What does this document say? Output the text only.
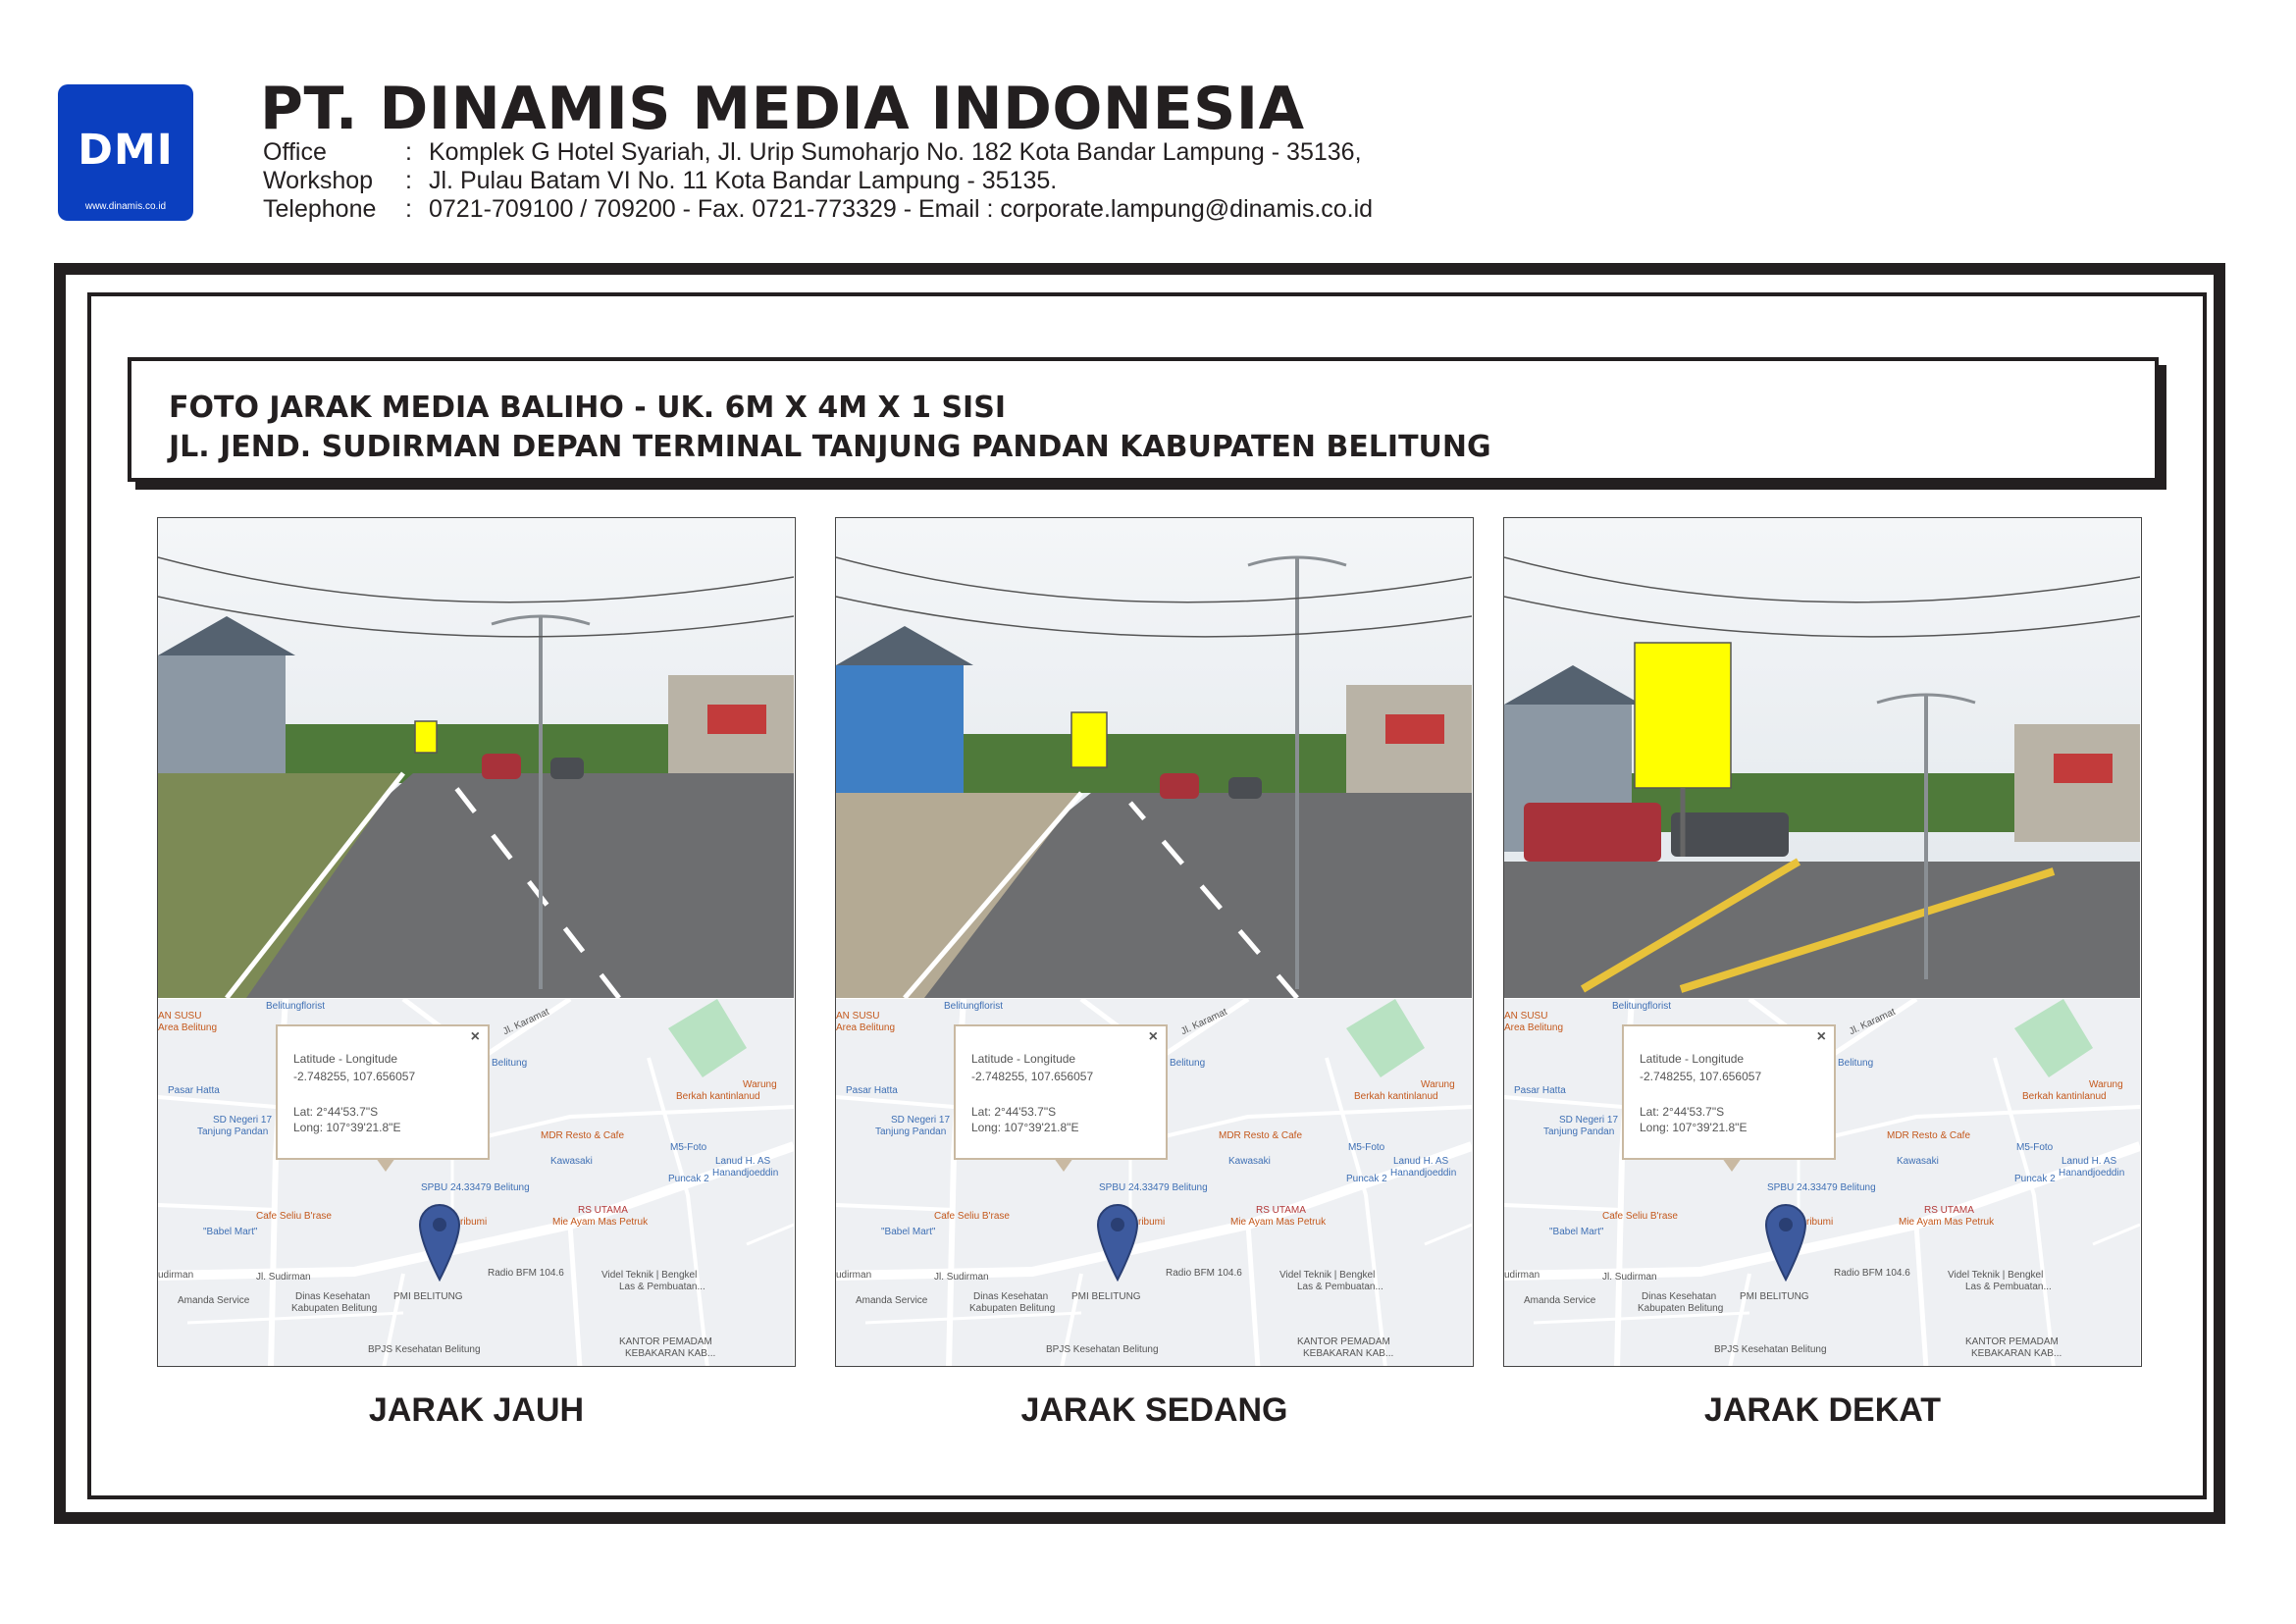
DMI
www.dinamis.co.id
PT. DINAMIS MEDIA INDONESIA
Office	: Komplek G Hotel Syariah, Jl. Urip Sumoharjo No. 182 Kota Bandar Lampung - 35136,
Workshop	: Jl. Pulau Batam VI No. 11 Kota Bandar Lampung - 35135.
Telephone	: 0721-709100 / 709200 - Fax. 0721-773329 - Email : corporate.lampung@dinamis.co.id
FOTO JARAK MEDIA BALIHO - UK. 6M X 4M X 1 SISI
JL. JEND. SUDIRMAN DEPAN TERMINAL TANJUNG PANDAN KABUPATEN BELITUNG
Belitungflorist
Jl. Karamat
AN SUSU
Area Belitung
Belitung
Pasar Hatta
Warung
Berkah kantinlanud
SD Negeri 17
Tanjung Pandan	MDR Resto & Cafe
M5-Foto
Kawasaki	Lanud H. AS
Hanandjoeddin
Puncak 2
SPBU 24.33479 Belitung
Cafe Seliu B'rase
"Babel Mart"
RS UTAMA
Mie Ayam Mas Petruk
ribumi
udirman	Jl. Sudirman	Radio BFM 104.6	Videl Teknik | Bengkel
Las & Pembuatan...
Amanda Service	Dinas Kesehatan
Kabupaten Belitung
PMI BELITUNG
BPJS Kesehatan Belitung
KANTOR PEMADAM
KEBAKARAN KAB...
×
Latitude - Longitude
-2.748255, 107.656057
Lat: 2°44'53.7"S
Long: 107°39'21.8"E
Belitungflorist
Jl. Karamat
AN SUSU
Area Belitung
Belitung
Pasar Hatta
Warung
Berkah kantinlanud
SD Negeri 17
Tanjung Pandan	MDR Resto & Cafe
M5-Foto
Kawasaki	Lanud H. AS
Hanandjoeddin
Puncak 2
SPBU 24.33479 Belitung
Cafe Seliu B'rase
"Babel Mart"
RS UTAMA
Mie Ayam Mas Petruk
ribumi
udirman	Jl. Sudirman	Radio BFM 104.6	Videl Teknik | Bengkel
Las & Pembuatan...
Amanda Service	Dinas Kesehatan
Kabupaten Belitung
PMI BELITUNG
BPJS Kesehatan Belitung
KANTOR PEMADAM
KEBAKARAN KAB...
×
Latitude - Longitude
-2.748255, 107.656057
Lat: 2°44'53.7"S
Long: 107°39'21.8"E
Belitungflorist
Jl. Karamat
AN SUSU
Area Belitung
Belitung
Pasar Hatta
Warung
Berkah kantinlanud
SD Negeri 17
Tanjung Pandan	MDR Resto & Cafe
M5-Foto
Kawasaki	Lanud H. AS
Hanandjoeddin
Puncak 2
SPBU 24.33479 Belitung
Cafe Seliu B'rase
"Babel Mart"
RS UTAMA
Mie Ayam Mas Petruk
ribumi
udirman	Jl. Sudirman	Radio BFM 104.6	Videl Teknik | Bengkel
Las & Pembuatan...
Amanda Service	Dinas Kesehatan
Kabupaten Belitung
PMI BELITUNG
BPJS Kesehatan Belitung
KANTOR PEMADAM
KEBAKARAN KAB...
×
Latitude - Longitude
-2.748255, 107.656057
Lat: 2°44'53.7"S
Long: 107°39'21.8"E
JARAK JAUH	JARAK SEDANG	JARAK DEKAT
